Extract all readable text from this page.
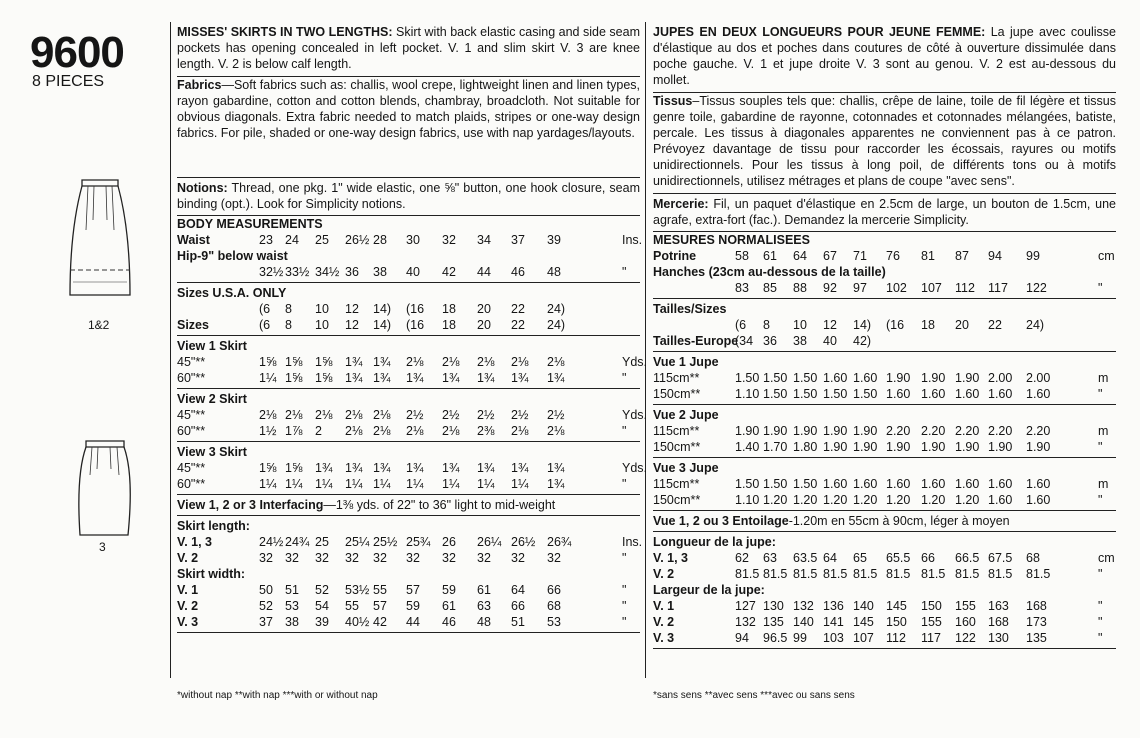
9600
8 PIECES
1&2
3

MISSES' SKIRTS IN TWO LENGTHS: Skirt with back elastic casing and side seam pockets has opening concealed in left pocket. V. 1 and slim skirt V. 3 are knee length. V. 2 is below calf length.

Fabrics—Soft fabrics such as: challis, wool crepe, lightweight linen and linen types, rayon gabardine, cotton and cotton blends, chambray, broadcloth. Not suitable for obvious diagonals. Extra fabric needed to match plaids, stripes or one-way design fabrics. For pile, shaded or one-way design fabrics, use with nap yardages/layouts.

Notions: Thread, one pkg. 1" wide elastic, one ⅝" button, one hook closure, seam binding (opt.). Look for Simplicity notions.

BODY MEASUREMENTS
Waist	23 24 25 26½ 28 30 32 34 37 39	Ins.
Hip-9" below waist
32½ 33½ 34½ 36 38 40 42 44 46 48	"
Sizes U.S.A. ONLY
(6 8 10 12 14) (16 18 20 22 24)
Sizes	(6 8 10 12 14) (16 18 20 22 24)
View 1 Skirt
45"**	1⅝ 1⅝ 1⅝ 1¾ 1¾ 2⅛ 2⅛ 2⅛ 2⅛ 2⅛	Yds.
60"**	1¼ 1⅝ 1⅝ 1¾ 1¾ 1¾ 1¾ 1¾ 1¾ 1¾	"
View 2 Skirt
45"**	2⅛ 2⅛ 2⅛ 2⅛ 2⅛ 2½ 2½ 2½ 2½ 2½	Yds.
60"**	1½ 1⅞ 2 2⅛ 2⅛ 2⅛ 2⅛ 2⅜ 2⅛ 2⅛	"
View 3 Skirt
45"**	1⅝ 1⅝ 1¾ 1¾ 1¾ 1¾ 1¾ 1¾ 1¾ 1¾	Yds.
60"**	1¼ 1¼ 1¼ 1¼ 1¼ 1¼ 1¼ 1¼ 1¼ 1¾	"
View 1, 2 or 3 Interfacing—1⅜ yds. of 22" to 36" light to mid-weight
Skirt length:
V. 1, 3	24½ 24¾ 25 25¼ 25½ 25¾ 26 26¼ 26½ 26¾	Ins.
V. 2	32 32 32 32 32 32 32 32 32 32	"
Skirt width:
V. 1	50 51 52 53½ 55 57 59 61 64 66	"
V. 2	52 53 54 55 57 59 61 63 66 68	"
V. 3	37 38 39 40½ 42 44 46 48 51 53	"

JUPES EN DEUX LONGUEURS POUR JEUNE FEMME: La jupe avec coulisse d'élastique au dos et poches dans coutures de côté à ouverture dissimulée dans poche gauche. V. 1 et jupe droite V. 3 sont au genou. V. 2 est au-dessous du mollet.

Tissus–Tissus souples tels que: challis, crêpe de laine, toile de fil légère et tissus genre toile, gabardine de rayonne, cotonnades et cotonnades mélangées, batiste, percale. Les tissus à diagonales apparentes ne conviennent pas à ce patron. Prévoyez davantage de tissu pour raccorder les écossais, rayures ou motifs unidirectionnels. Pour les tissus à long poil, de différents tons ou à motifs unidirectionnels, utilisez métrages et plans de coupe "avec sens".

Mercerie: Fil, un paquet d'élastique en 2.5cm de large, un bouton de 1.5cm, une agrafe, extra-fort (fac.). Demandez la mercerie Simplicity.

MESURES NORMALISEES
Potrine	58 61 64 67 71 76 81 87 94 99	cm
Hanches (23cm au-dessous de la taille)
83 85 88 92 97 102 107 112 117 122	"
Tailles/Sizes
(6 8 10 12 14) (16 18 20 22 24)
Tailles-Europe
(34 36 38 40 42)
Vue 1 Jupe
115cm**	1.50 1.50 1.50 1.60 1.60 1.90 1.90 1.90 2.00 2.00	m
150cm**	1.10 1.50 1.50 1.50 1.50 1.60 1.60 1.60 1.60 1.60	"
Vue 2 Jupe
115cm**	1.90 1.90 1.90 1.90 1.90 2.20 2.20 2.20 2.20 2.20	m
150cm**	1.40 1.70 1.80 1.90 1.90 1.90 1.90 1.90 1.90 1.90	"
Vue 3 Jupe
115cm**	1.50 1.50 1.50 1.60 1.60 1.60 1.60 1.60 1.60 1.60	m
150cm**	1.10 1.20 1.20 1.20 1.20 1.20 1.20 1.20 1.60 1.60	"
Vue 1, 2 ou 3 Entoilage-1.20m en 55cm à 90cm, léger à moyen
Longueur de la jupe:
V. 1, 3	62 63 63.5 64 65 65.5 66 66.5 67.5 68	cm
V. 2	81.5 81.5 81.5 81.5 81.5 81.5 81.5 81.5 81.5 81.5	"
Largeur de la jupe:
V. 1	127 130 132 136 140 145 150 155 163 168	"
V. 2	132 135 140 141 145 150 155 160 168 173	"
V. 3	94 96.5 99 103 107 112 117 122 130 135	"
*without nap **with nap ***with or without nap	*sans sens **avec sens ***avec ou sans sens
